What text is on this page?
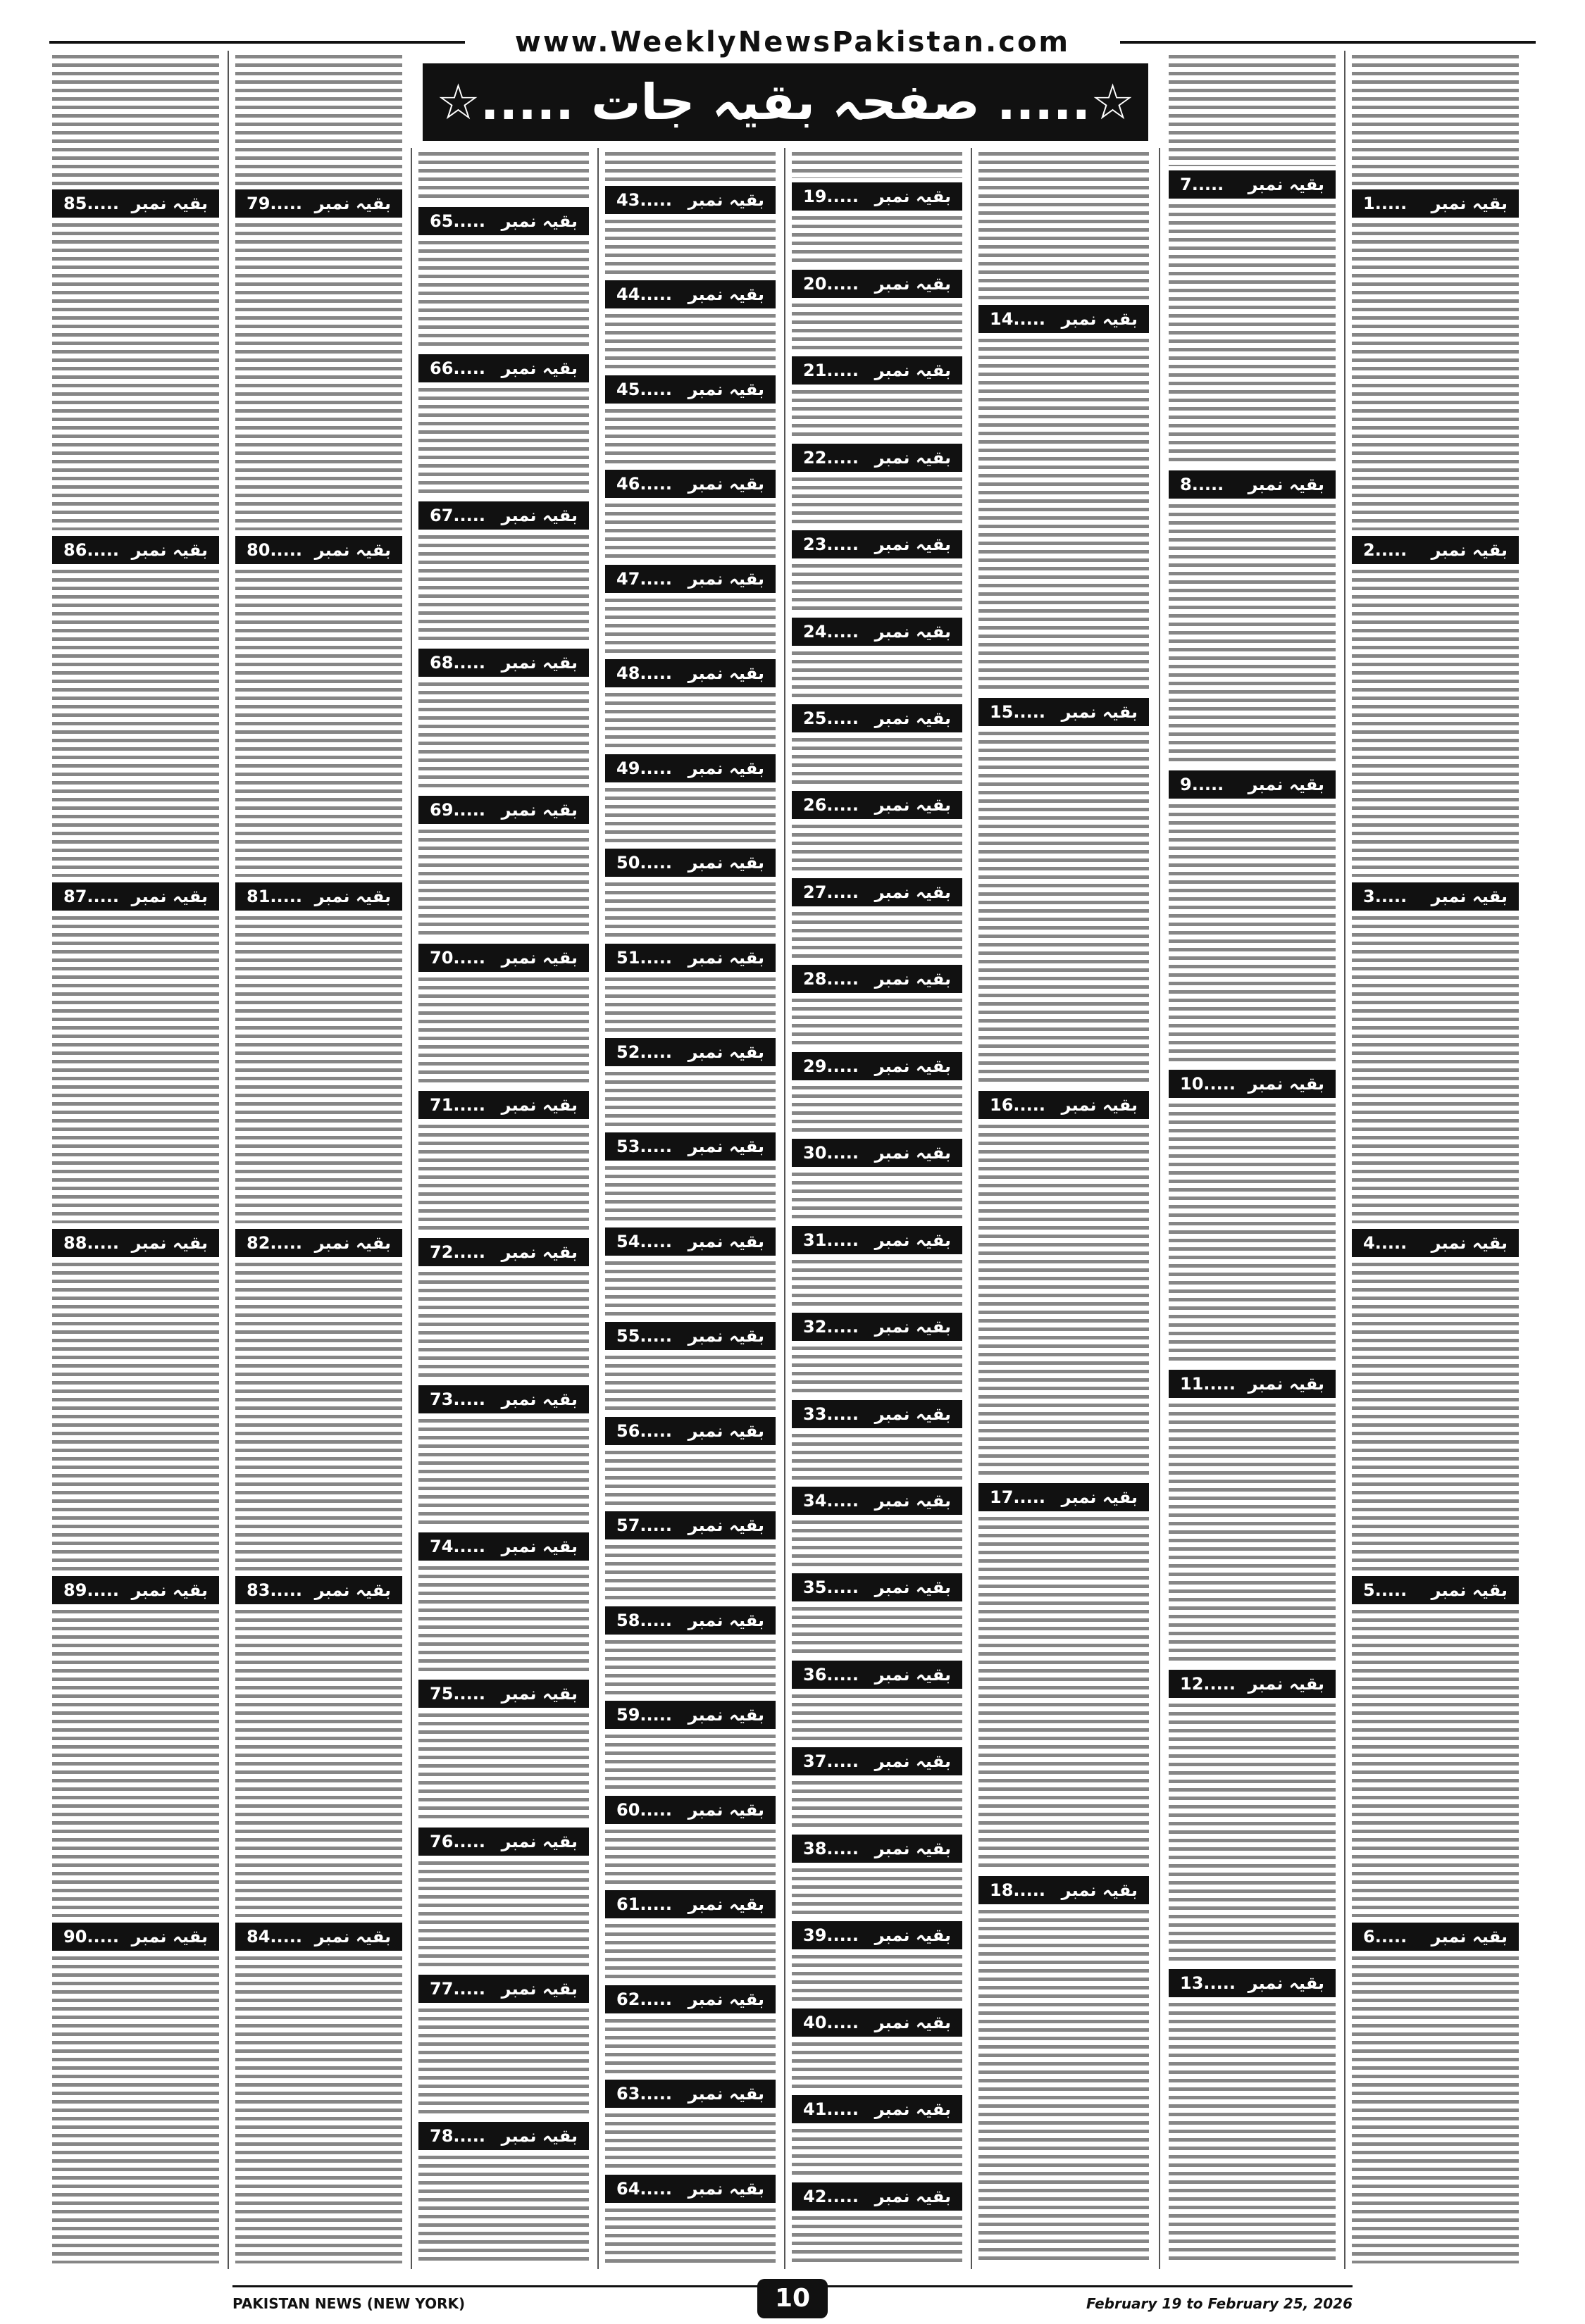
www.WeeklyNewsPakistan.com
☆..... صفحہ بقیہ جات .....☆
بقیہ نمبر
1.....
بقیہ نمبر
2.....
بقیہ نمبر
3.....
بقیہ نمبر
4.....
بقیہ نمبر
5.....
بقیہ نمبر
6.....
بقیہ نمبر
7.....
بقیہ نمبر
8.....
بقیہ نمبر
9.....
بقیہ نمبر
10.....
بقیہ نمبر
11.....
بقیہ نمبر
12.....
بقیہ نمبر
13.....
بقیہ نمبر
14.....
بقیہ نمبر
15.....
بقیہ نمبر
16.....
بقیہ نمبر
17.....
بقیہ نمبر
18.....
بقیہ نمبر
19.....
بقیہ نمبر
20.....
بقیہ نمبر
21.....
بقیہ نمبر
22.....
بقیہ نمبر
23.....
بقیہ نمبر
24.....
بقیہ نمبر
25.....
بقیہ نمبر
26.....
بقیہ نمبر
27.....
بقیہ نمبر
28.....
بقیہ نمبر
29.....
بقیہ نمبر
30.....
بقیہ نمبر
31.....
بقیہ نمبر
32.....
بقیہ نمبر
33.....
بقیہ نمبر
34.....
بقیہ نمبر
35.....
بقیہ نمبر
36.....
بقیہ نمبر
37.....
بقیہ نمبر
38.....
بقیہ نمبر
39.....
بقیہ نمبر
40.....
بقیہ نمبر
41.....
بقیہ نمبر
42.....
بقیہ نمبر
43.....
بقیہ نمبر
44.....
بقیہ نمبر
45.....
بقیہ نمبر
46.....
بقیہ نمبر
47.....
بقیہ نمبر
48.....
بقیہ نمبر
49.....
بقیہ نمبر
50.....
بقیہ نمبر
51.....
بقیہ نمبر
52.....
بقیہ نمبر
53.....
بقیہ نمبر
54.....
بقیہ نمبر
55.....
بقیہ نمبر
56.....
بقیہ نمبر
57.....
بقیہ نمبر
58.....
بقیہ نمبر
59.....
بقیہ نمبر
60.....
بقیہ نمبر
61.....
بقیہ نمبر
62.....
بقیہ نمبر
63.....
بقیہ نمبر
64.....
بقیہ نمبر
65.....
بقیہ نمبر
66.....
بقیہ نمبر
67.....
بقیہ نمبر
68.....
بقیہ نمبر
69.....
بقیہ نمبر
70.....
بقیہ نمبر
71.....
بقیہ نمبر
72.....
بقیہ نمبر
73.....
بقیہ نمبر
74.....
بقیہ نمبر
75.....
بقیہ نمبر
76.....
بقیہ نمبر
77.....
بقیہ نمبر
78.....
بقیہ نمبر
79.....
بقیہ نمبر
80.....
بقیہ نمبر
81.....
بقیہ نمبر
82.....
بقیہ نمبر
83.....
بقیہ نمبر
84.....
بقیہ نمبر
85.....
بقیہ نمبر
86.....
بقیہ نمبر
87.....
بقیہ نمبر
88.....
بقیہ نمبر
89.....
بقیہ نمبر
90.....
PAKISTAN NEWS (NEW YORK)	10	February 19 to February 25, 2026
